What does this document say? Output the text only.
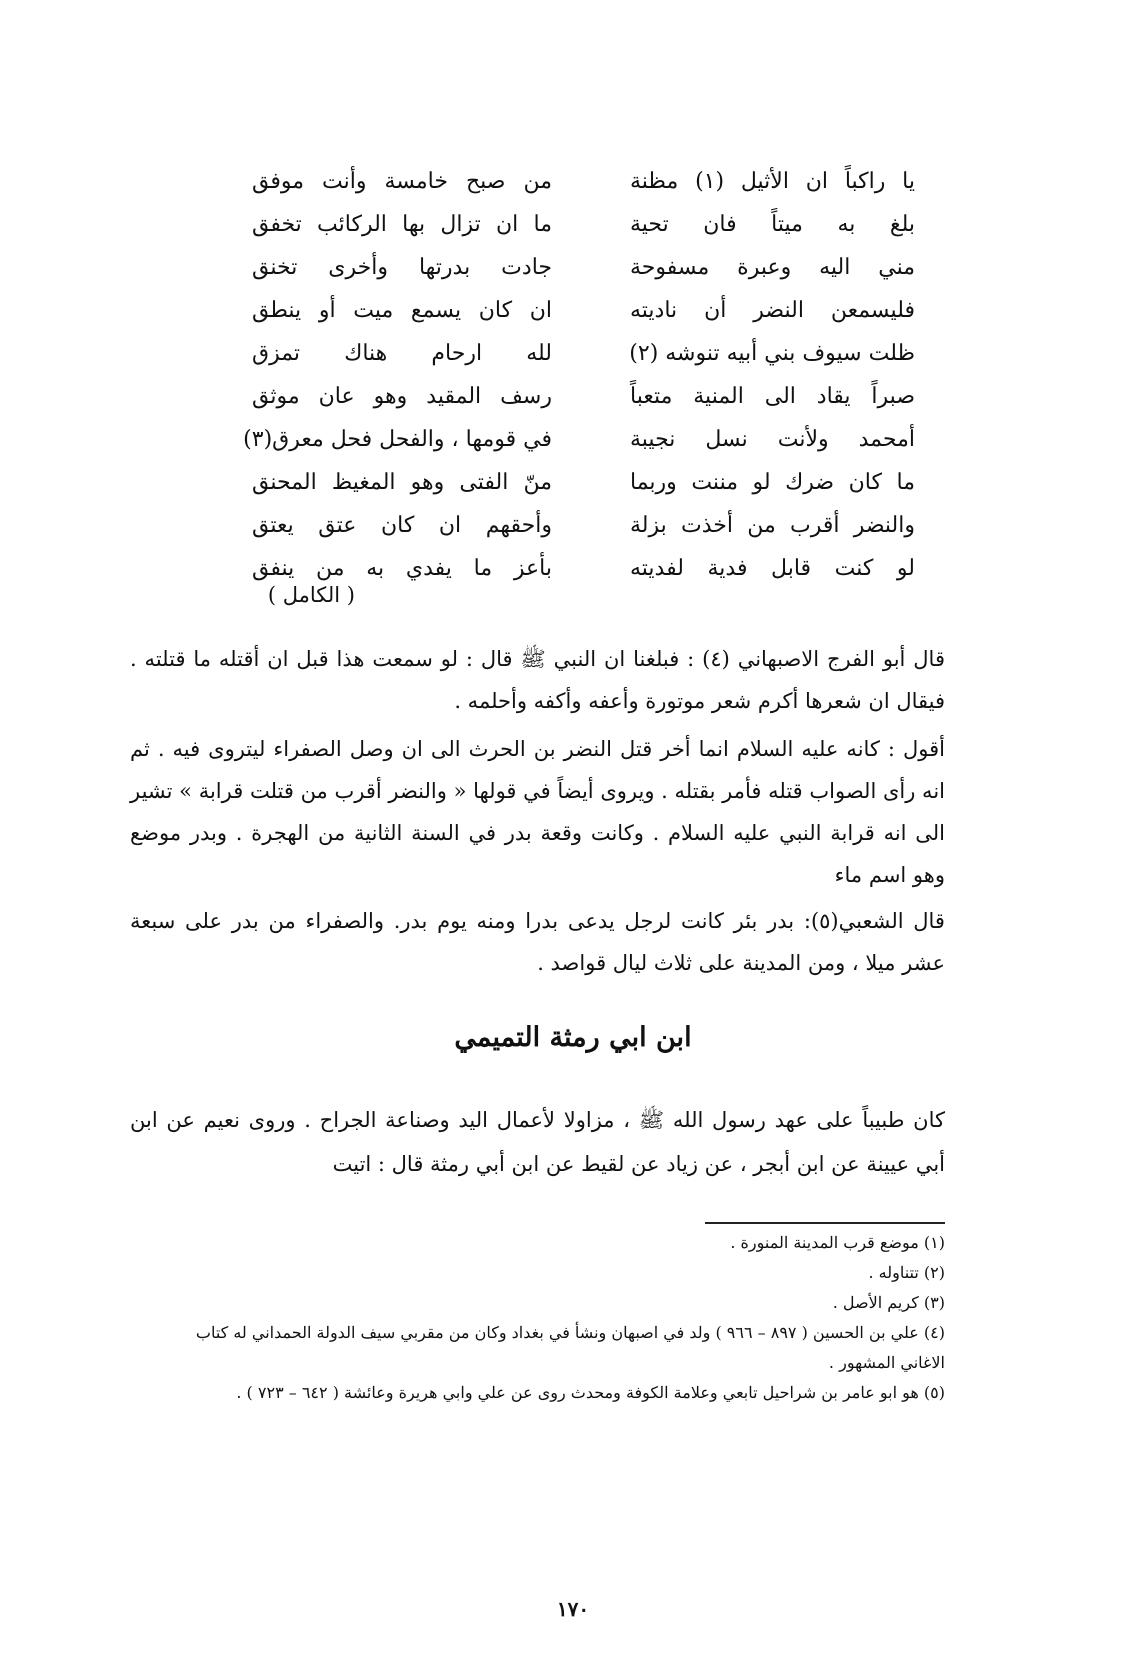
يا راكباً ان الأثيل (١) مظنة
من صبح خامسة وأنت موفق
بلغ به ميتاً فان تحية
ما ان تزال بها الركائب تخفق
مني اليه وعبرة مسفوحة
جادت بدرتها وأخرى تخنق
فليسمعن النضر أن ناديته
ان كان يسمع ميت أو ينطق
ظلت سيوف بني أبيه تنوشه (٢)
لله ارحام هناك تمزق
صبراً يقاد الى المنية متعباً
رسف المقيد وهو عان موثق
أمحمد ولأنت نسل نجيبة
في قومها ، والفحل فحل معرق(٣)
ما كان ضرك لو مننت وربما
منّ الفتى وهو المغيظ المحنق
والنضر أقرب من أخذت بزلة
وأحقهم ان كان عتق يعتق
لو كنت قابل فدية لفديته
بأعز ما يفدي به من ينفق
( الكامل )

قال أبو الفرج الاصبهاني (٤) : فبلغنا ان النبي ﷺ قال : لو سمعت هذا قبل ان أقتله ما قتلته . فيقال ان شعرها أكرم شعر موتورة وأعفه وأكفه وأحلمه .

أقول : كانه عليه السلام انما أخر قتل النضر بن الحرث الى ان وصل الصفراء ليتروى فيه . ثم انه رأى الصواب قتله فأمر بقتله . ويروى أيضاً في قولها « والنضر أقرب من قتلت قرابة » تشير الى انه قرابة النبي عليه السلام . وكانت وقعة بدر في السنة الثانية من الهجرة . وبدر موضع وهو اسم ماء

قال الشعبي(٥): بدر بئر كانت لرجل يدعى بدرا ومنه يوم بدر. والصفراء من بدر على سبعة عشر ميلا ، ومن المدينة على ثلاث ليال قواصد .

ابن ابي رمثة التميمي

كان طبيباً على عهد رسول الله ﷺ ، مزاولا لأعمال اليد وصناعة الجراح . وروى نعيم عن ابن أبي عيينة عن ابن أبجر ، عن زياد عن لقيط عن ابن أبي رمثة قال : اتيت

(١) موضع قرب المدينة المنورة .
(٢) تتناوله .
(٣) كريم الأصل .
(٤) علي بن الحسين ( ٨٩٧ – ٩٦٦ ) ولد في اصبهان ونشأ في بغداد وكان من مقربي سيف الدولة الحمداني له كتاب الاغاني المشهور .
(٥) هو ابو عامر بن شراحيل تابعي وعلامة الكوفة ومحدث روى عن علي وابي هريرة وعائشة ( ٦٤٢ – ٧٢٣ ) .
١٧٠
